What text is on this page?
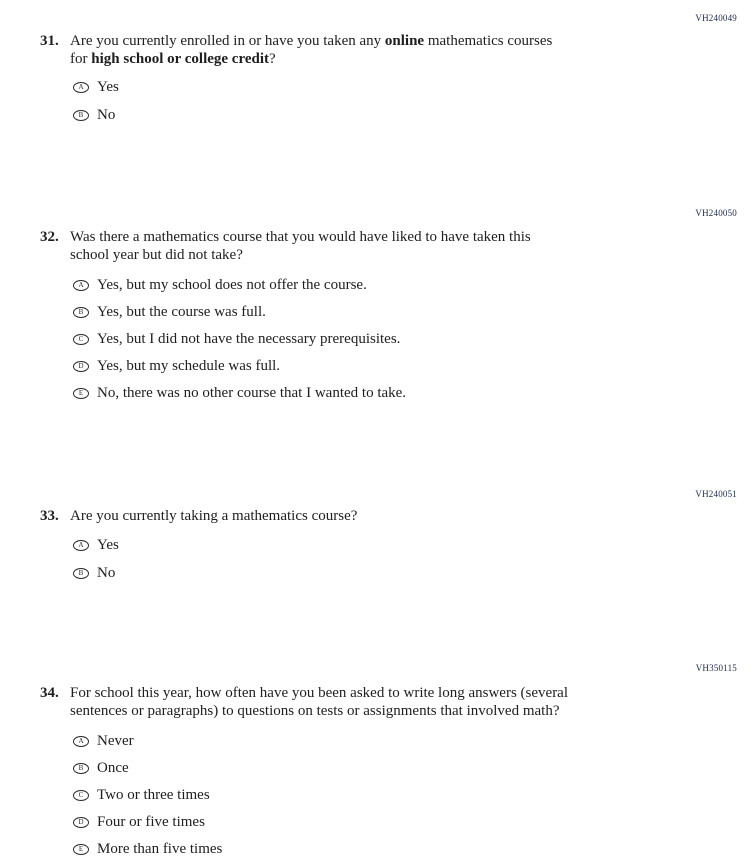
VH240049
31. Are you currently enrolled in or have you taken any online mathematics courses
for high school or college credit?
A Yes
B No
VH240050
32. Was there a mathematics course that you would have liked to have taken this
school year but did not take?
A Yes, but my school does not offer the course.
B Yes, but the course was full.
C Yes, but I did not have the necessary prerequisites.
D Yes, but my schedule was full.
E No, there was no other course that I wanted to take.
VH240051
33. Are you currently taking a mathematics course?
A Yes
B No
VH350115
34. For school this year, how often have you been asked to write long answers (several
sentences or paragraphs) to questions on tests or assignments that involved math?
A Never
B Once
C Two or three times
D Four or five times
E More than five times
